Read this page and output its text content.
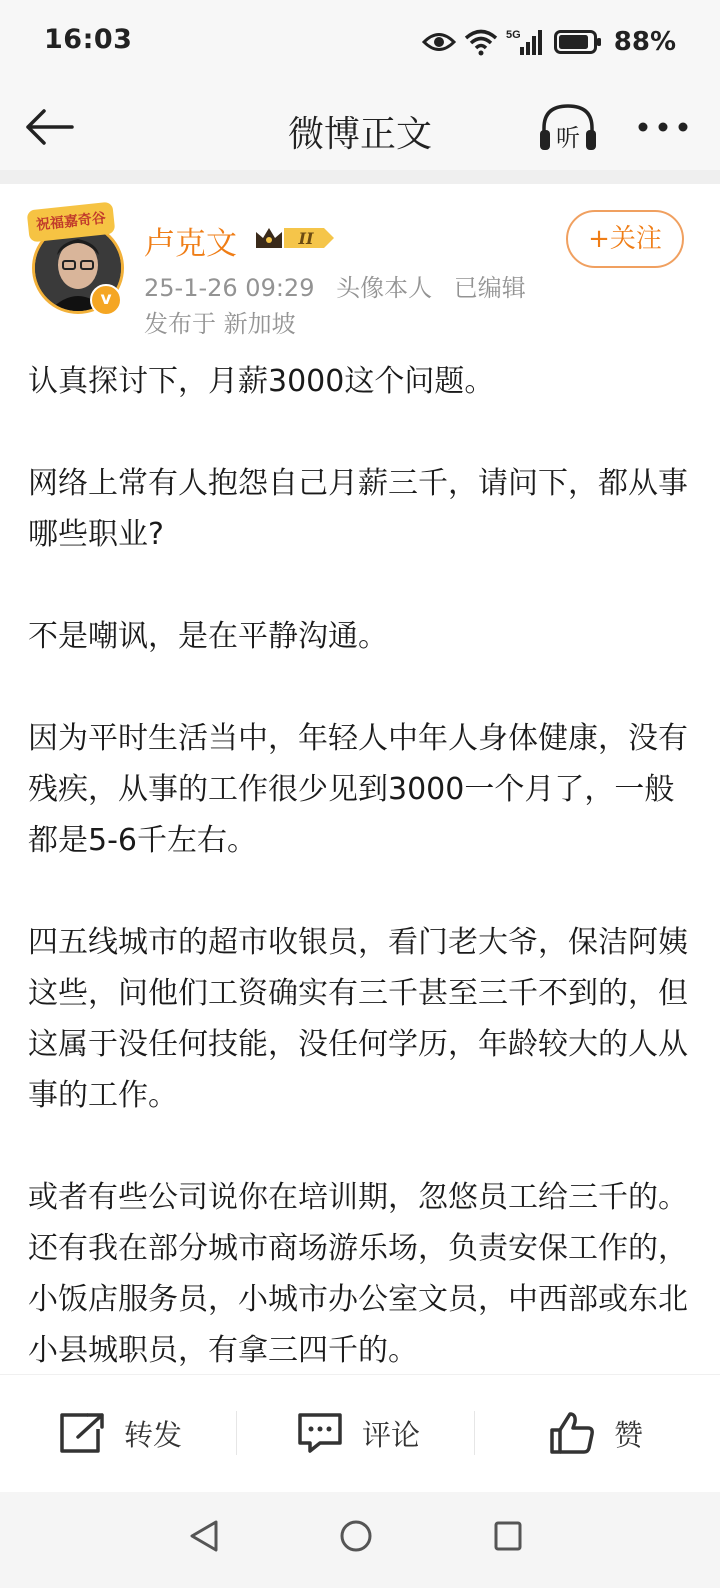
16:03	5G	88%
微博正文	听
祝福嘉奇谷
v
卢克文	II	+关注
25-1-26 09:29 头像本人 已编辑
发布于 新加坡

认真探讨下，月薪3000这个问题。

网络上常有人抱怨自己月薪三千，请问下，都从事哪些职业?

不是嘲讽，是在平静沟通。

因为平时生活当中，年轻人中年人身体健康，没有残疾，从事的工作很少见到3000一个月了，一般都是5-6千左右。

四五线城市的超市收银员，看门老大爷，保洁阿姨这些，问他们工资确实有三千甚至三千不到的，但这属于没任何技能，没任何学历，年龄较大的人从事的工作。

或者有些公司说你在培训期，忽悠员工给三千的。还有我在部分城市商场游乐场，负责安保工作的，小饭店服务员，小城市办公室文员，中西部或东北小县城职员，有拿三四千的。

转发	评论	赞
